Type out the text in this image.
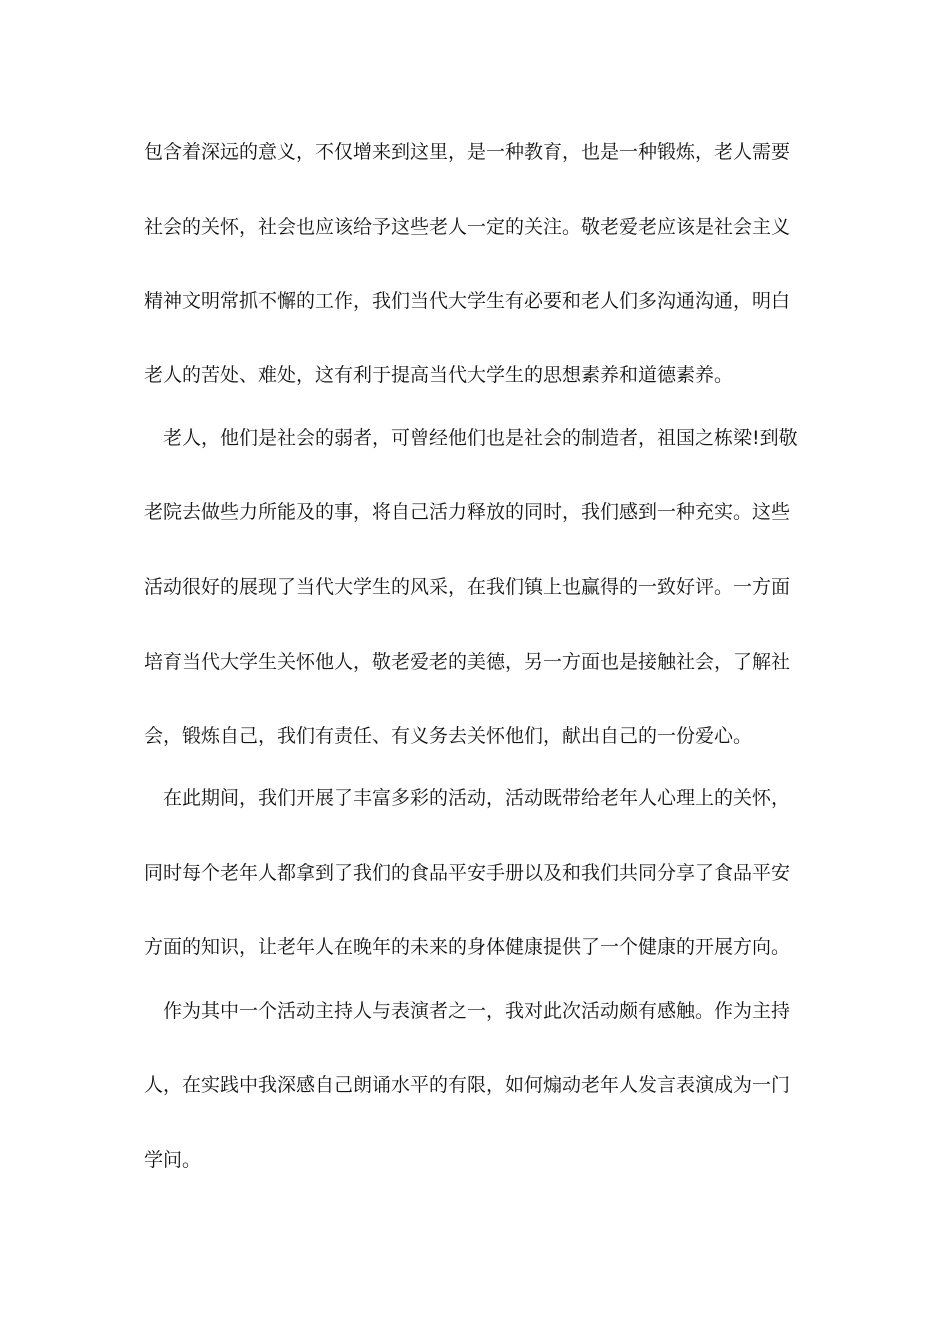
包含着深远的意义，不仅增来到这里，是一种教育，也是一种锻炼，老人需要
社会的关怀，社会也应该给予这些老人一定的关注。敬老爱老应该是社会主义
精神文明常抓不懈的工作，我们当代大学生有必要和老人们多沟通沟通，明白
老人的苦处、难处，这有利于提高当代大学生的思想素养和道德素养。
老人，他们是社会的弱者，可曾经他们也是社会的制造者，祖国之栋梁!到敬
老院去做些力所能及的事，将自己活力释放的同时，我们感到一种充实。这些
活动很好的展现了当代大学生的风采，在我们镇上也赢得的一致好评。一方面
培育当代大学生关怀他人，敬老爱老的美德，另一方面也是接触社会，了解社
会，锻炼自己，我们有责任、有义务去关怀他们，献出自己的一份爱心。
在此期间，我们开展了丰富多彩的活动，活动既带给老年人心理上的关怀，
同时每个老年人都拿到了我们的食品平安手册以及和我们共同分享了食品平安
方面的知识，让老年人在晚年的未来的身体健康提供了一个健康的开展方向。
作为其中一个活动主持人与表演者之一，我对此次活动颇有感触。作为主持
人，在实践中我深感自己朗诵水平的有限，如何煽动老年人发言表演成为一门
学问。
